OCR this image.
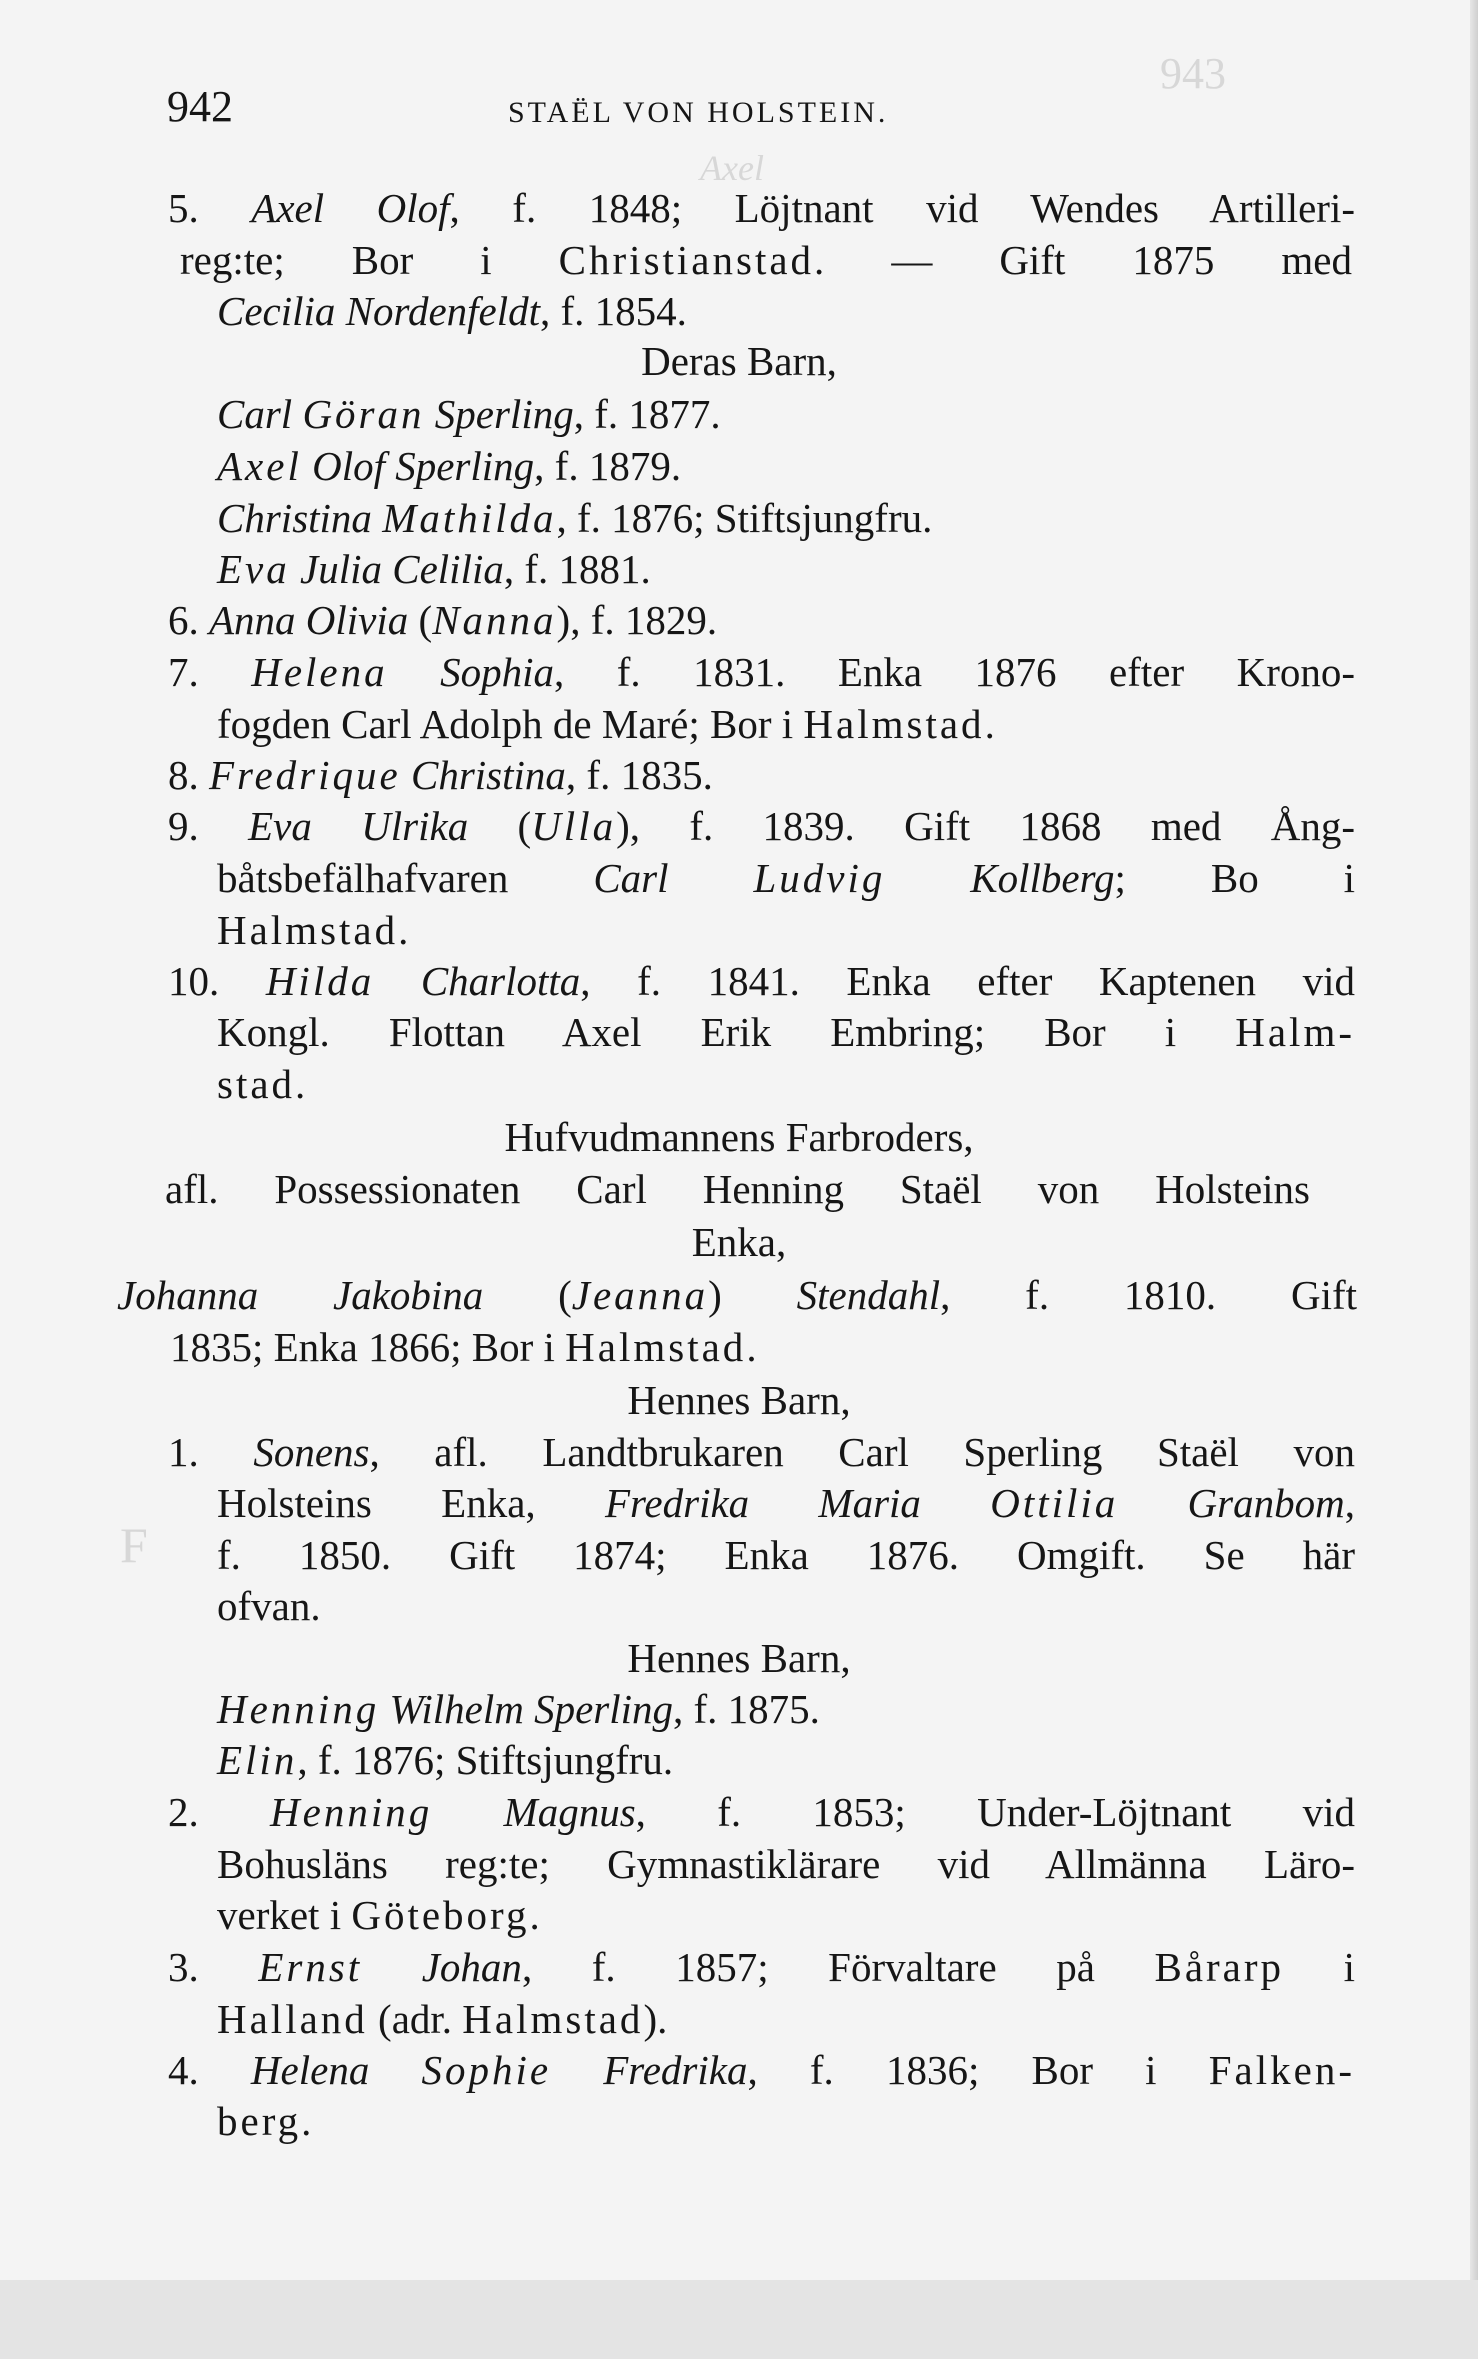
943
Axel
F
942	STAËL VON HOLSTEIN.
5. Axel Olof, f. 1848; Löjtnant vid Wendes Artilleri-
reg:te; Bor i Christianstad. — Gift 1875 med
Cecilia Nordenfeldt, f. 1854.
Deras Barn,
Carl Göran Sperling, f. 1877.
Axel Olof Sperling, f. 1879.
Christina Mathilda, f. 1876; Stiftsjungfru.
Eva Julia Celilia, f. 1881.
6. Anna Olivia (Nanna), f. 1829.
7. Helena Sophia, f. 1831. Enka 1876 efter Krono-
fogden Carl Adolph de Maré; Bor i Halmstad.
8. Fredrique Christina, f. 1835.
9. Eva Ulrika (Ulla), f. 1839. Gift 1868 med Ång-
båtsbefälhafvaren Carl Ludvig Kollberg; Bo i
Halmstad.
10. Hilda Charlotta, f. 1841. Enka efter Kaptenen vid
Kongl. Flottan Axel Erik Embring; Bor i Halm-
stad.
Hufvudmannens Farbroders,
afl. Possessionaten Carl Henning Staël von Holsteins
Enka,
Johanna Jakobina (Jeanna) Stendahl, f. 1810. Gift
1835; Enka 1866; Bor i Halmstad.
Hennes Barn,
1. Sonens, afl. Landtbrukaren Carl Sperling Staël von
Holsteins Enka, Fredrika Maria Ottilia Granbom,
f. 1850. Gift 1874; Enka 1876. Omgift. Se här
ofvan.
Hennes Barn,
Henning Wilhelm Sperling, f. 1875.
Elin, f. 1876; Stiftsjungfru.
2. Henning Magnus, f. 1853; Under-Löjtnant vid
Bohusläns reg:te; Gymnastiklärare vid Allmänna Läro-
verket i Göteborg.
3. Ernst Johan, f. 1857; Förvaltare på Bårarp i
Halland (adr. Halmstad).
4. Helena Sophie Fredrika, f. 1836; Bor i Falken-
berg.
